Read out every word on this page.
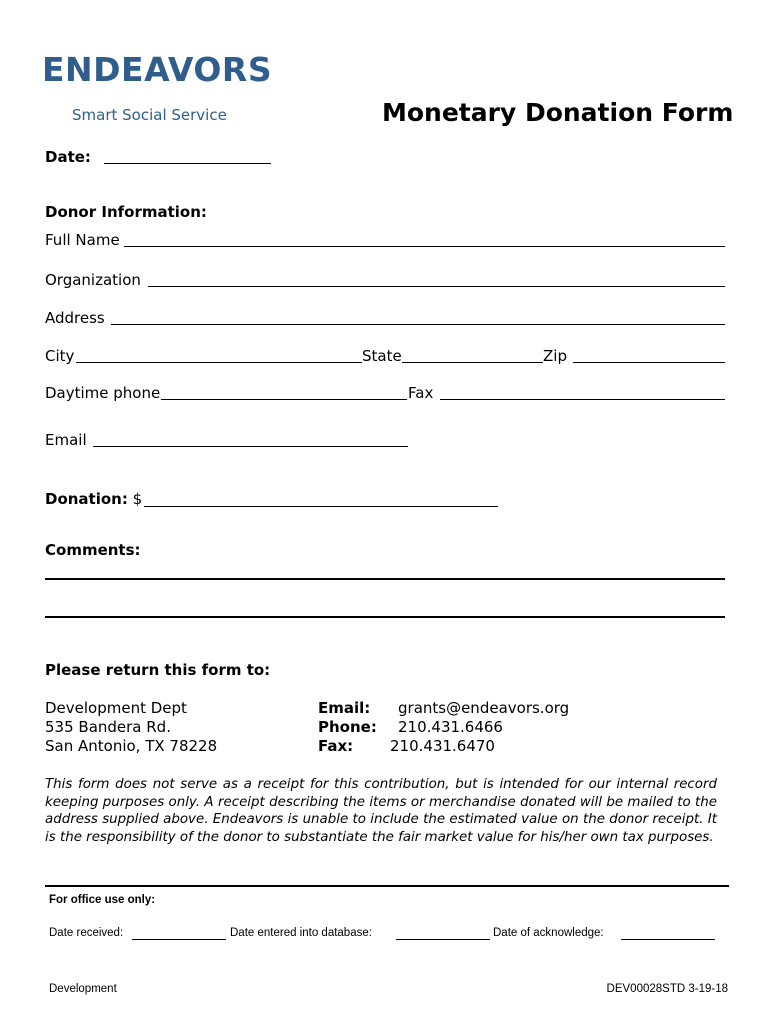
ENDEAVORS
Smart Social Service	Monetary Donation Form
Date:
Donor Information:
Full Name
Organization
Address
City	State	Zip
Daytime phone	Fax
Email
Donation: $
Comments:
Please return this form to:
Development Dept
535 Bandera Rd.
San Antonio, TX 78228
Email: grants@endeavors.org
Phone: 210.431.6466
Fax: 210.431.6470
This form does not serve as a receipt for this contribution, but is intended for our internal record keeping purposes only. A receipt describing the items or merchandise donated will be mailed to the address supplied above. Endeavors is unable to include the estimated value on the donor receipt. It is the responsibility of the donor to substantiate the fair market value for his/her own tax purposes.
For office use only:
Date received:	Date entered into database:	Date of acknowledge:
Development	DEV00028STD 3-19-18
